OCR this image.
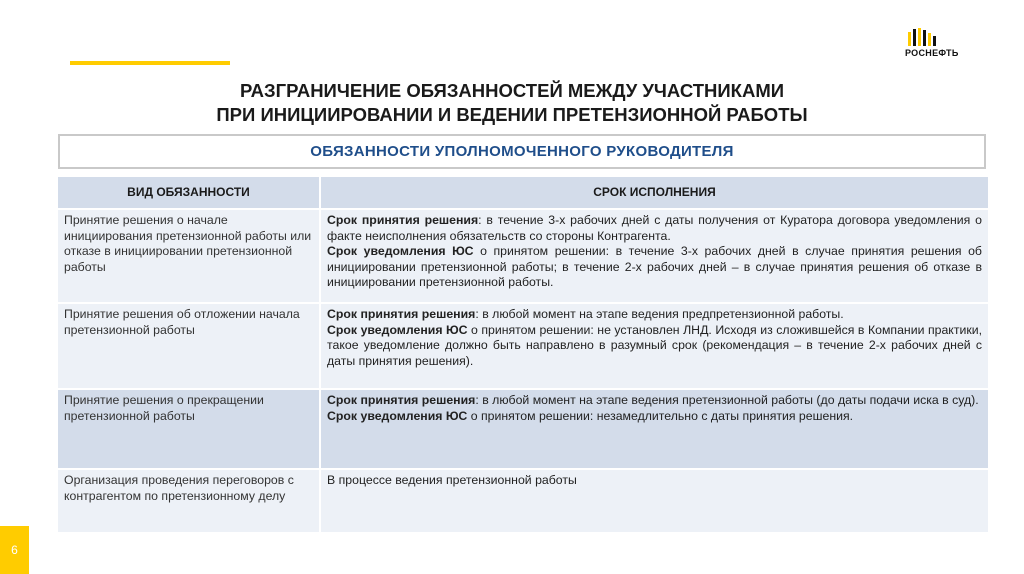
РОСНЕФТЬ
РАЗГРАНИЧЕНИЕ ОБЯЗАННОСТЕЙ МЕЖДУ УЧАСТНИКАМИ
ПРИ ИНИЦИИРОВАНИИ И ВЕДЕНИИ ПРЕТЕНЗИОННОЙ РАБОТЫ
ОБЯЗАННОСТИ УПОЛНОМОЧЕННОГО РУКОВОДИТЕЛЯ
ВИД ОБЯЗАННОСТИ	СРОК ИСПОЛНЕНИЯ
Принятие решения о начале инициирования претензионной работы или отказе в инициировании претензионной работы	Срок принятия решения: в течение 3-х рабочих дней с даты получения от Куратора договора уведомления о факте неисполнения обязательств со стороны Контрагента.
Срок уведомления ЮС о принятом решении: в течение 3-х рабочих дней в случае принятия решения об инициировании претензионной работы; в течение 2-х рабочих дней – в случае принятия решения об отказе в инициировании претензионной работы.
Принятие решения об отложении начала претензионной работы	Срок принятия решения: в любой момент на этапе ведения предпретензионной работы.
Срок уведомления ЮС о принятом решении: не установлен ЛНД. Исходя из сложившейся в Компании практики, такое уведомление должно быть направлено в разумный срок (рекомендация – в течение 2-х рабочих дней с даты принятия решения).
Принятие решения о прекращении претензионной работы	Срок принятия решения: в любой момент на этапе ведения претензионной работы (до даты подачи иска в суд).
Срок уведомления ЮС о принятом решении: незамедлительно с даты принятия решения.
Организация проведения переговоров с контрагентом по претензионному делу	В процессе ведения претензионной работы
6
